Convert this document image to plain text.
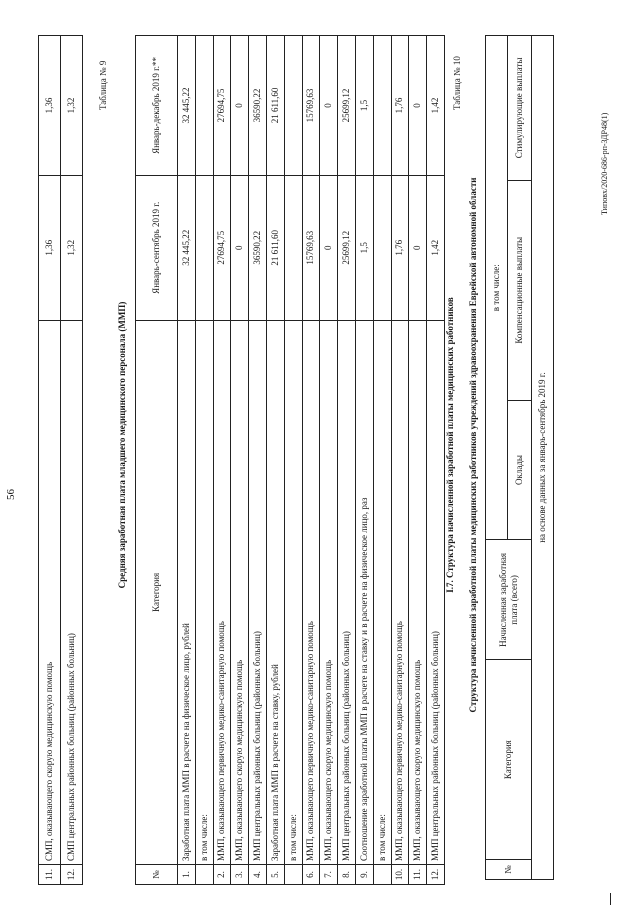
11.	СМП, оказывающего скорую медицинскую помощь	1,36	1,36
12.	СМП центральных районных больниц (районных больниц)	1,32	1,32
56
Таблица № 9
Средняя заработная плата младшего медицинского персонала (ММП)
№	Категория	Январь-сентябрь 2019 г.	Январь-декабрь 2019 г.**
1.	Заработная плата ММП в расчете на физическое лицо, рублей	32 445,22	32 445,22
	в том числе:		
2.	ММП, оказывающего первичную медико-санитарную помощь	27694,75	27694,75
3.	ММП, оказывающего скорую медицинскую помощь	0	0
4.	ММП центральных районных больниц (районных больниц)	36590,22	36590,22
5.	Заработная плата ММП в расчете на ставку, рублей	21 611,60	21 611,60
	в том числе:		
6.	ММП, оказывающего первичную медико-санитарную помощь	15769,63	15769,63
7.	ММП, оказывающего скорую медицинскую помощь	0	0
8.	ММП центральных районных больниц (районных больниц)	25699,12	25699,12
9.	Соотношение заработной платы ММП в расчете на ставку и в расчете на физическое лицо, раз	1,5	1,5
	в том числе:		
10.	ММП, оказывающего первичную медико-санитарную помощь	1,76	1,76
11.	ММП, оказывающего скорую медицинскую помощь	0	0
12.	ММП центральных районных больниц (районных больниц)	1,42	1,42
I.7. Структура начисленной заработной платы медицинских работников
Таблица № 10
Структура начисленной заработной платы медицинских работников учреждений здравоохранения Еврейской автономной области
№	Категория	Начисленная заработная плата (всего)	в том числе:		
			Оклады	Компенсационные выплаты	Стимулирующие выплаты
на основе данных за январь-сентябрь 2019 г.					
Типовх/2020-686-рп-ЗДР48(1)
